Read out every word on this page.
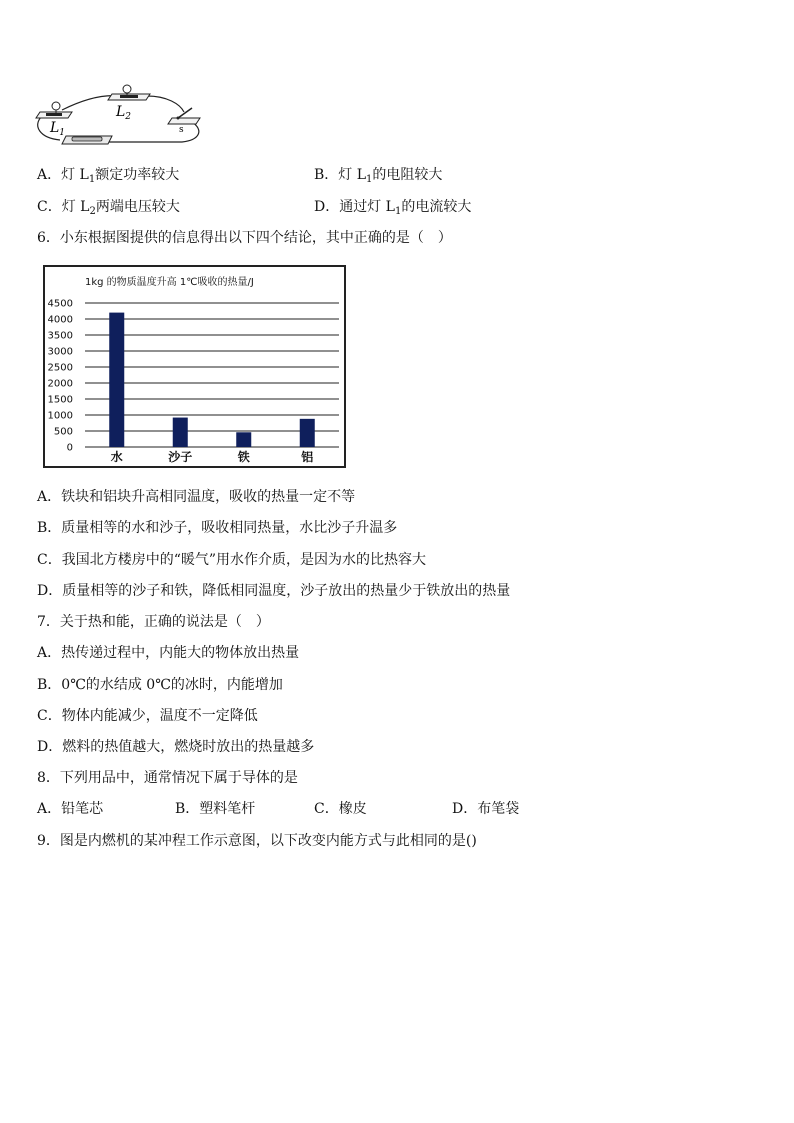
$L_1$
$L_2$
s
A．灯 $L_1$额定功率较大	B．灯 $L_1$的电阻较大
C．灯 $L_2$两端电压较大	D．通过灯 $L_1$的电流较大
6．小东根据图提供的信息得出以下四个结论，其中正确的是（　）
1kg 的物质温度升高 1℃吸收的热量/J
0
500
1000
1500
2000
2500
3000
3500
4000
4500
水	沙子	铁	铝
A．铁块和铝块升高相同温度，吸收的热量一定不等
B．质量相等的水和沙子，吸收相同热量，水比沙子升温多
C．我国北方楼房中的“暖气”用水作介质，是因为水的比热容大
D．质量相等的沙子和铁，降低相同温度，沙子放出的热量少于铁放出的热量
7．关于热和能，正确的说法是（　）
A．热传递过程中，内能大的物体放出热量
B．0℃的水结成 0℃的冰时，内能增加
C．物体内能减少，温度不一定降低
D．燃料的热值越大，燃烧时放出的热量越多
8．下列用品中，通常情况下属于导体的是
A．铅笔芯	B．塑料笔杆	C．橡皮	D．布笔袋
9．图是内燃机的某冲程工作示意图，以下改变内能方式与此相同的是()
